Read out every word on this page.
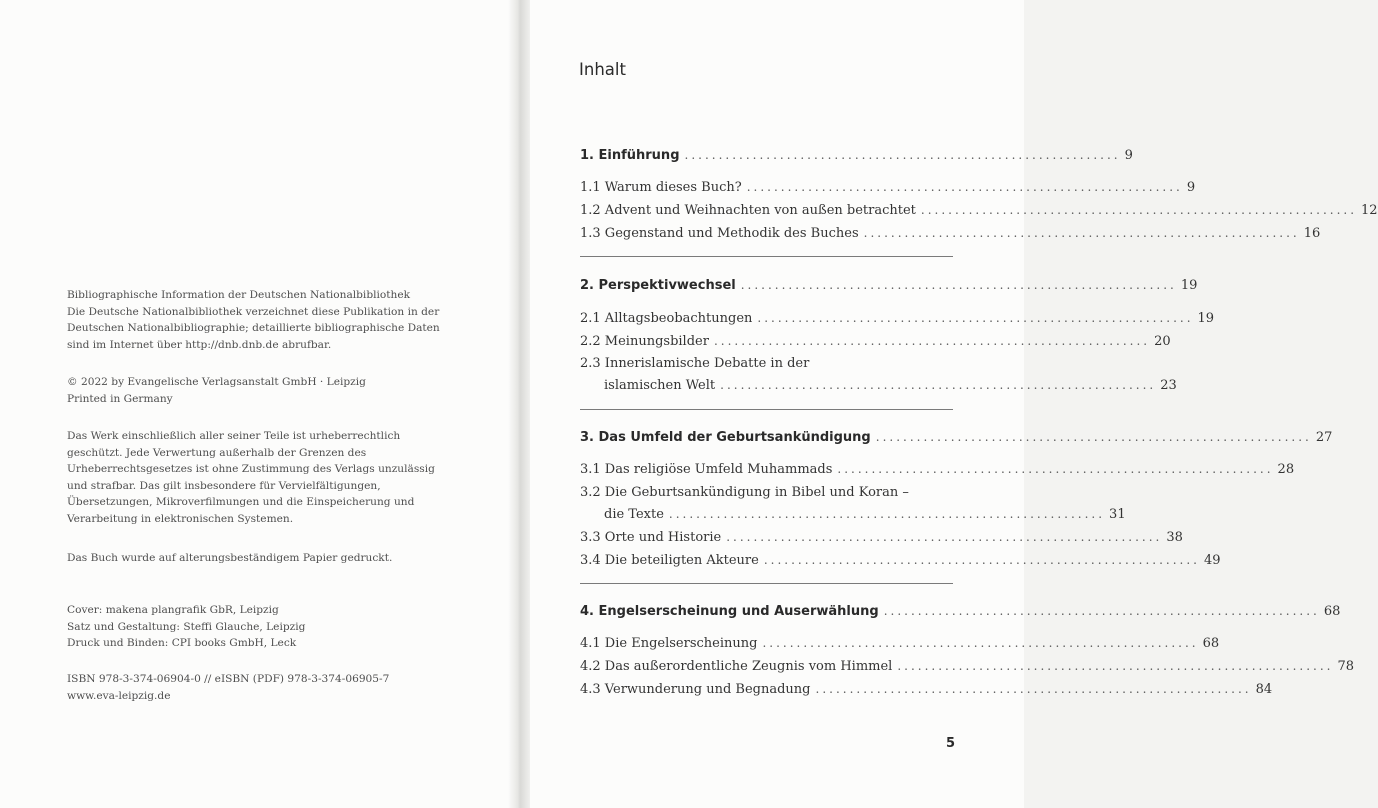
Bibliographische Information der Deutschen Nationalbibliothek
Die Deutsche Nationalbibliothek verzeichnet diese Publikation in der
Deutschen Nationalbibliographie; detaillierte bibliographische Daten
sind im Internet über http://dnb.dnb.de abrufbar.
© 2022 by Evangelische Verlagsanstalt GmbH · Leipzig
Printed in Germany
Das Werk einschließlich aller seiner Teile ist urheberrechtlich
geschützt. Jede Verwertung außerhalb der Grenzen des
Urheberrechtsgesetzes ist ohne Zustimmung des Verlags unzulässig
und strafbar. Das gilt insbesondere für Vervielfältigungen,
Übersetzungen, Mikroverfilmungen und die Einspeicherung und
Verarbeitung in elektronischen Systemen.
Das Buch wurde auf alterungsbeständigem Papier gedruckt.
Cover: makena plangrafik GbR, Leipzig
Satz und Gestaltung: Steffi Glauche, Leipzig
Druck und Binden: CPI books GmbH, Leck
ISBN 978-3-374-06904-0 // eISBN (PDF) 978-3-374-06905-7
www.eva-leipzig.de
Inhalt
1. Einführung ................................................................ 9
1.1 Warum dieses Buch? ................................................................ 9
1.2 Advent und Weihnachten von außen betrachtet ................................................................ 12
1.3 Gegenstand und Methodik des Buches ................................................................ 16
2. Perspektivwechsel ................................................................ 19
2.1 Alltagsbeobachtungen ................................................................ 19
2.2 Meinungsbilder ................................................................ 20
2.3 Innerislamische Debatte in der
islamischen Welt ................................................................ 23
3. Das Umfeld der Geburtsankündigung ................................................................ 27
3.1 Das religiöse Umfeld Muhammads ................................................................ 28
3.2 Die Geburtsankündigung in Bibel und Koran –
die Texte ................................................................ 31
3.3 Orte und Historie ................................................................ 38
3.4 Die beteiligten Akteure ................................................................ 49
4. Engelserscheinung und Auserwählung ................................................................ 68
4.1 Die Engelserscheinung ................................................................ 68
4.2 Das außerordentliche Zeugnis vom Himmel ................................................................ 78
4.3 Verwunderung und Begnadung ................................................................ 84
5
